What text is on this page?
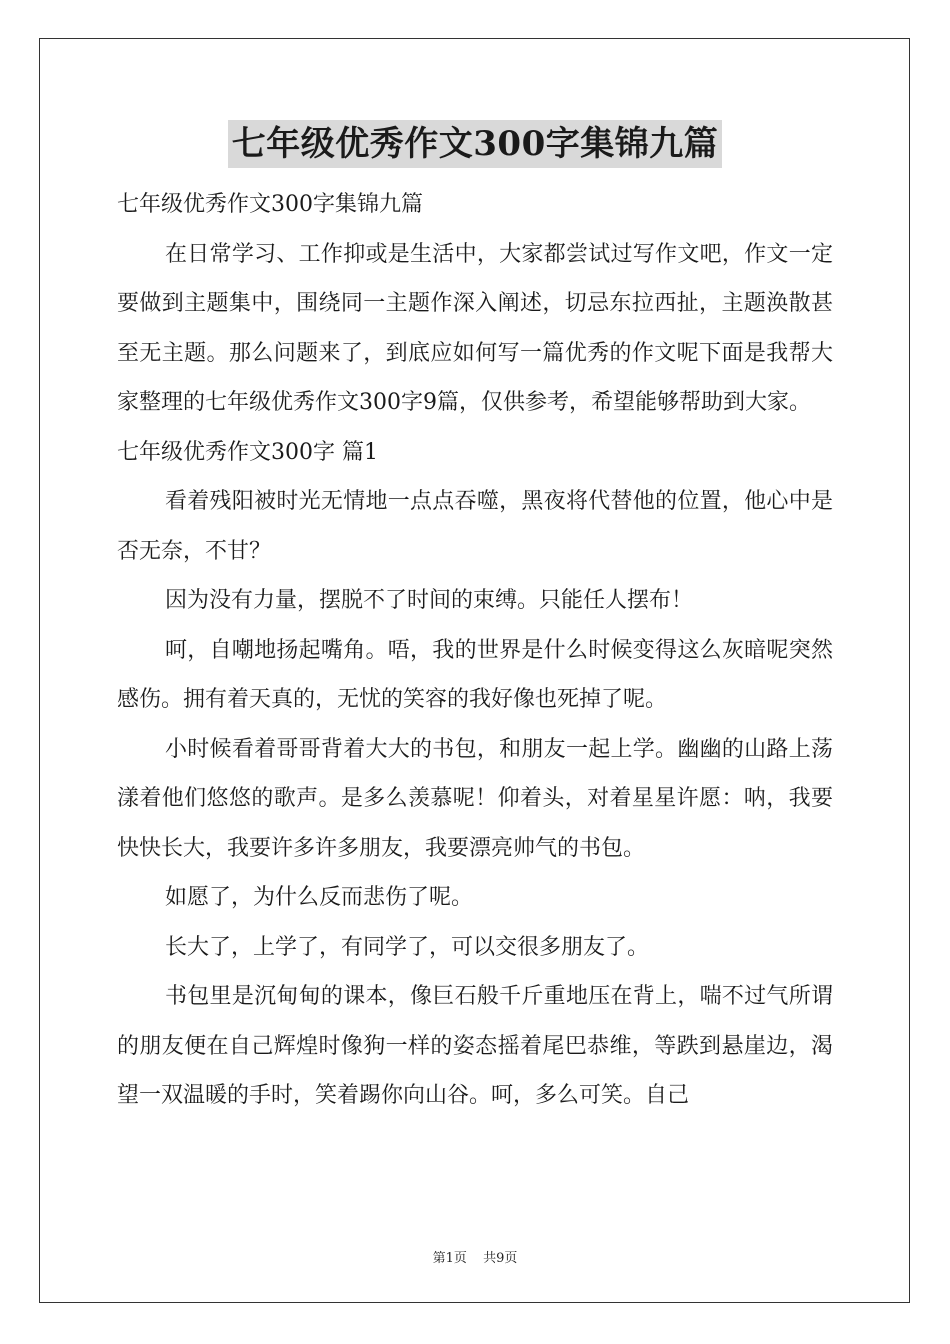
七年级优秀作文300字集锦九篇

七年级优秀作文300字集锦九篇

在日常学习、工作抑或是生活中，大家都尝试过写作文吧，作文一定要做到主题集中，围绕同一主题作深入阐述，切忌东拉西扯，主题涣散甚至无主题。那么问题来了，到底应如何写一篇优秀的作文呢下面是我帮大家整理的七年级优秀作文300字9篇，仅供参考，希望能够帮助到大家。

七年级优秀作文300字 篇1

看着残阳被时光无情地一点点吞噬，黑夜将代替他的位置，他心中是否无奈，不甘？

因为没有力量，摆脱不了时间的束缚。只能任人摆布！

呵，自嘲地扬起嘴角。唔，我的世界是什么时候变得这么灰暗呢突然感伤。拥有着天真的，无忧的笑容的我好像也死掉了呢。

小时候看着哥哥背着大大的书包，和朋友一起上学。幽幽的山路上荡漾着他们悠悠的歌声。是多么羡慕呢！仰着头，对着星星许愿：呐，我要快快长大，我要许多许多朋友，我要漂亮帅气的书包。

如愿了，为什么反而悲伤了呢。

长大了，上学了，有同学了，可以交很多朋友了。

书包里是沉甸甸的课本，像巨石般千斤重地压在背上，喘不过气所谓的朋友便在自己辉煌时像狗一样的姿态摇着尾巴恭维，等跌到悬崖边，渴望一双温暖的手时，笑着踢你向山谷。呵，多么可笑。自己

第1页 共9页
